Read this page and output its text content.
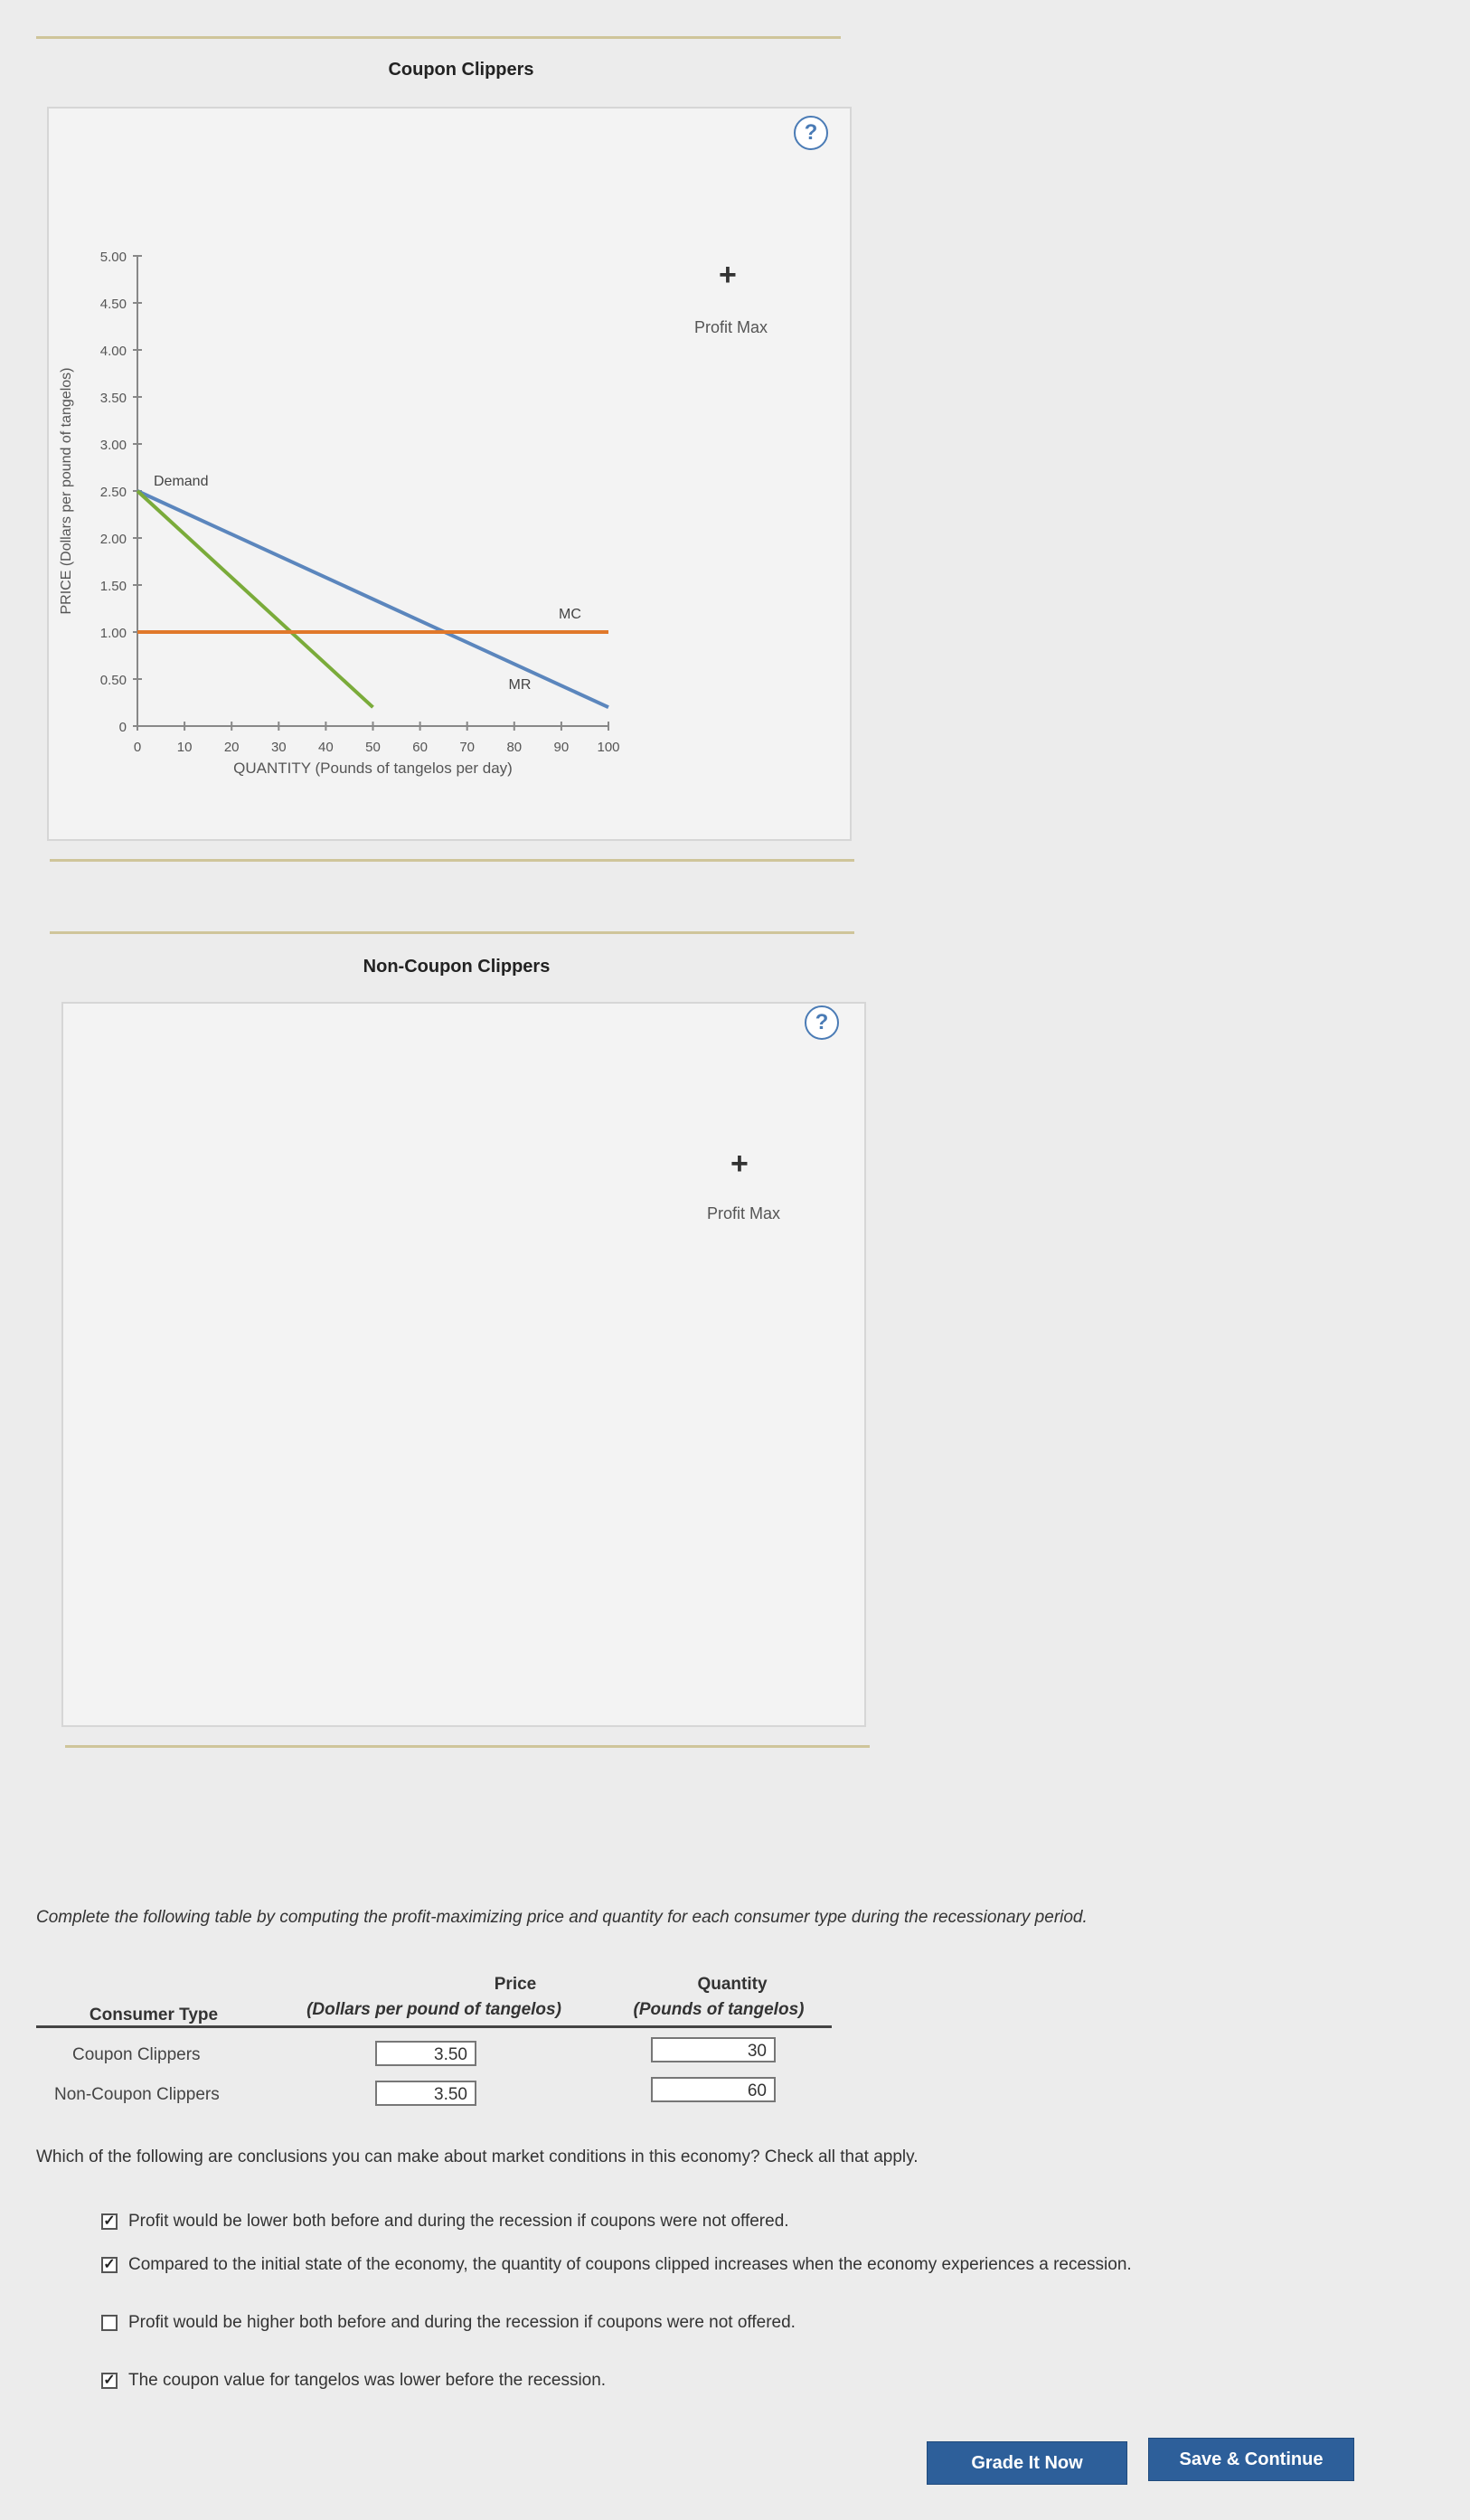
Coupon Clippers
?
+
Profit Max
0
0.50
1.00
1.50
2.00
2.50
3.00
3.50
4.00
4.50
5.00
0	10 20 30 40 50 60 70 80 90 100
QUANTITY (Pounds of tangelos per day)
PRICE (Dollars per pound of tangelos)	Demand
MR
MC
Non-Coupon Clippers
?
+
Profit Max
Complete the following table by computing the profit-maximizing price and quantity for each consumer type during the recessionary period.
Price
(Dollars per pound of tangelos)
Quantity
(Pounds of tangelos)
Consumer Type
Coupon Clippers	3.50	30
Non-Coupon Clippers	3.50	60
Which of the following are conclusions you can make about market conditions in this economy? Check all that apply.
✓ Profit would be lower both before and during the recession if coupons were not offered.
✓ Compared to the initial state of the economy, the quantity of coupons clipped increases when the economy experiences a recession.
Profit would be higher both before and during the recession if coupons were not offered.
✓ The coupon value for tangelos was lower before the recession.
Grade It Now	Save & Continue
